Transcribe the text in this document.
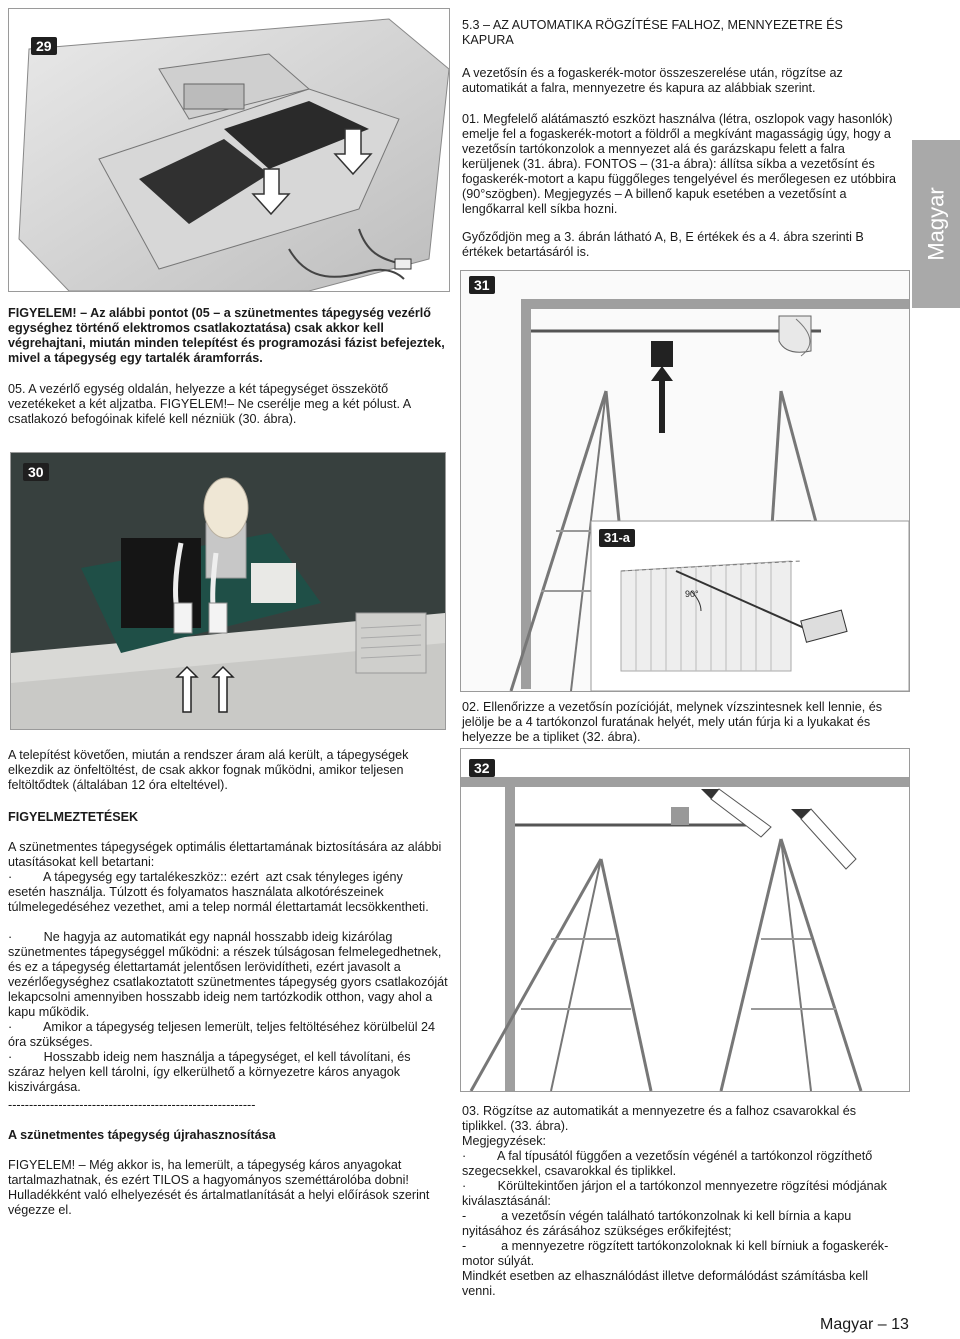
Magyar
29

5.3 – AZ AUTOMATIKA RÖGZÍTÉSE FALHOZ, MENNYEZETRE ÉS KAPURA

A vezetősín és a fogaskerék-motor összeszerelése után, rögzítse az automatikát a falra, mennyezetre és kapura az alábbiak szerint.

01. Megfelelő alátámasztó eszközt használva (létra, oszlopok vagy hasonlók) emelje fel a fogaskerék-motort a földről a megkívánt magasságig úgy, hogy a vezetősín tartókonzolok a mennyezet alá és garázskapu felett a falra kerüljenek (31. ábra). FONTOS – (31-a ábra): állítsa síkba a vezetősínt és fogaskerék-motort a kapu függőleges tengelyével és merőlegesen ez utóbbira (90°szögben). Megjegyzés – A billenő kapuk esetében a vezetősínt a lengőkarral kell síkba hozni.

Győződjön meg a 3. ábrán látható A, B, E értékek és a 4. ábra szerinti B értékek betartásáról is.

31
31-a
90°

FIGYELEM! – Az alábbi pontot (05 – a szünetmentes tápegység vezérlő egységhez történő elektromos csatlakoztatása) csak akkor kell végrehajtani, miután minden telepítést és programozási fázist befejeztek, mivel a tápegység egy tartalék áramforrás.

05. A vezérlő egység oldalán, helyezze a két tápegységet összekötő vezetékeket a két aljzatba. FIGYELEM!– Ne cserélje meg a két pólust. A csatlakozó befogóinak kifelé kell nézniük (30. ábra).

30

A telepítést követően, miután a rendszer áram alá került, a tápegységek elkezdik az önfeltöltést, de csak akkor fognak működni, amikor teljesen feltöltődtek (általában 12 óra elteltével).

FIGYELMEZTETÉSEK

A szünetmentes tápegységek optimális élettartamának biztosítására az alábbi utasításokat kell betartani:

·         A tápegység egy tartalékeszköz:: ezért  azt csak tényleges igény         esetén használja. Túlzott és folyamatos használata alkotórészeinek túlmelegedéséhez vezethet, ami a telep normál élettartamát lecsökkentheti.

·         Ne hagyja az automatikát egy napnál hosszabb ideig kizárólag szünetmentes tápegységgel működni: a részek túlságosan felmelegedhetnek, és ez a tápegység élettartamát jelentősen lerövidítheti, ezért javasolt a vezérlőegységhez csatlakoztatott szünetmentes tápegység gyors csatlakozóját lekapcsolni amennyiben hosszabb ideig nem tartózkodik otthon, vagy ahol a kapu működik.

·         Amikor a tápegység teljesen lemerült, teljes feltöltéséhez körülbelül 24 óra szükséges.

·         Hosszabb ideig nem használja a tápegységet, el kell távolítani, és száraz helyen kell tárolni, így elkerülhető a környezetre káros anyagok kiszivárgása.

-----------------------------------------------------------

A szünetmentes tápegység újrahasznosítása

FIGYELEM! – Még akkor is, ha lemerült, a tápegység káros anyagokat tartalmazhatnak, és ezért TILOS a hagyományos szeméttárolóba dobni! Hulladékként való elhelyezését és ártalmatlanítását a helyi előírások szerint végezze el.

02. Ellenőrizze a vezetősín pozícióját, melynek vízszintesnek kell lennie, és jelölje be a 4 tartókonzol furatának helyét, mely után fúrja ki a lyukakat és helyezze be a tipliket (32. ábra).

32

03. Rögzítse az automatikát a mennyezetre és a falhoz csavarokkal és tiplikkel. (33. ábra).

Megjegyzések:

·         A fal típusától függően a vezetősín végénél a tartókonzol rögzíthető szegecsekkel, csavarokkal és tiplikkel.

·         Körültekintően járjon el a tartókonzol mennyezetre rögzítési módjának kiválasztásánál:

-          a vezetősín végén található tartókonzolnak ki kell bírnia a kapu nyitásához és zárásához szükséges erőkifejtést;

-          a mennyezetre rögzített tartókonzoloknak ki kell bírniuk a fogaskerék-motor súlyát.

Mindkét esetben az elhasználódást illetve deformálódást számításba kell venni.

Magyar – 13
